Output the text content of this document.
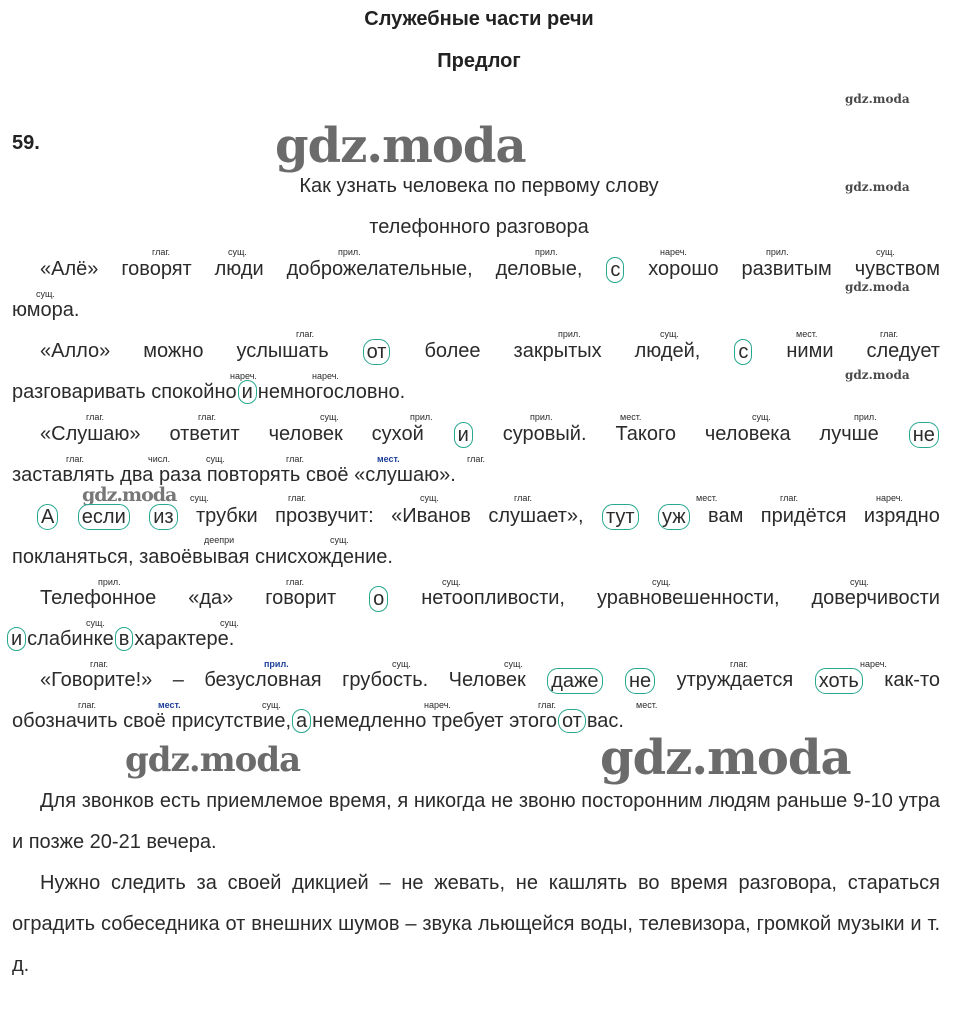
Служебные части речи
Предлог
59.	gdz.moda
gdz.moda
gdz.moda
gdz.moda
gdz.moda
gdz.moda
gdz.moda	gdz.moda
Как узнать человека по первому слову
телефонного разговора
глаг.	сущ.	прил.	прил.	нареч.	прил.	сущ.
сущ.
глаг.	прил.	сущ.	мест.	глаг.
нареч.	нареч.
глаг.	глаг.	сущ.	прил.	прил.	мест.	сущ.	прил.
глаг.	числ.	сущ.	глаг.	мест.	глаг.
сущ.	глаг.	сущ.	глаг.	мест.	глаг.	нареч.
деепри	сущ.
прил.	глаг.	сущ.	сущ.	сущ.
сущ.	сущ.
глаг.	прил.	сущ.	сущ.	глаг.	нареч.
глаг.	мест.	сущ.	нареч.	глаг.	мест.
«Алё» говорят люди доброжелательные, деловые, с хорошо развитым чувством
юмора.
«Алло» можно услышать от более закрытых людей, с ними следует
разговаривать спокойно и немногословно.
«Слушаю» ответит человек сухой и суровый. Такого человека лучше не
заставлять два раза повторять своё «слушаю».
А если из трубки прозвучит: «Иванов слушает», тут уж вам придётся изрядно
покланяться, завоёвывая снисхождение.
Телефонное «да» говорит о нетоопливости, уравновешенности, доверчивости
и слабинке в характере.
«Говорите!» – безусловная грубость. Человек даже не утруждается хоть как-то
обозначить своё присутствие, а немедленно требует этого от вас.
Для звонков есть приемлемое время, я никогда не звоню посторонним людям раньше 9-10 утра и позже 20-21 вечера.
Нужно следить за своей дикцией – не жевать, не кашлять во время разговора, стараться оградить собеседника от внешних шумов – звука льющейся воды, телевизора, громкой музыки и т. д.
